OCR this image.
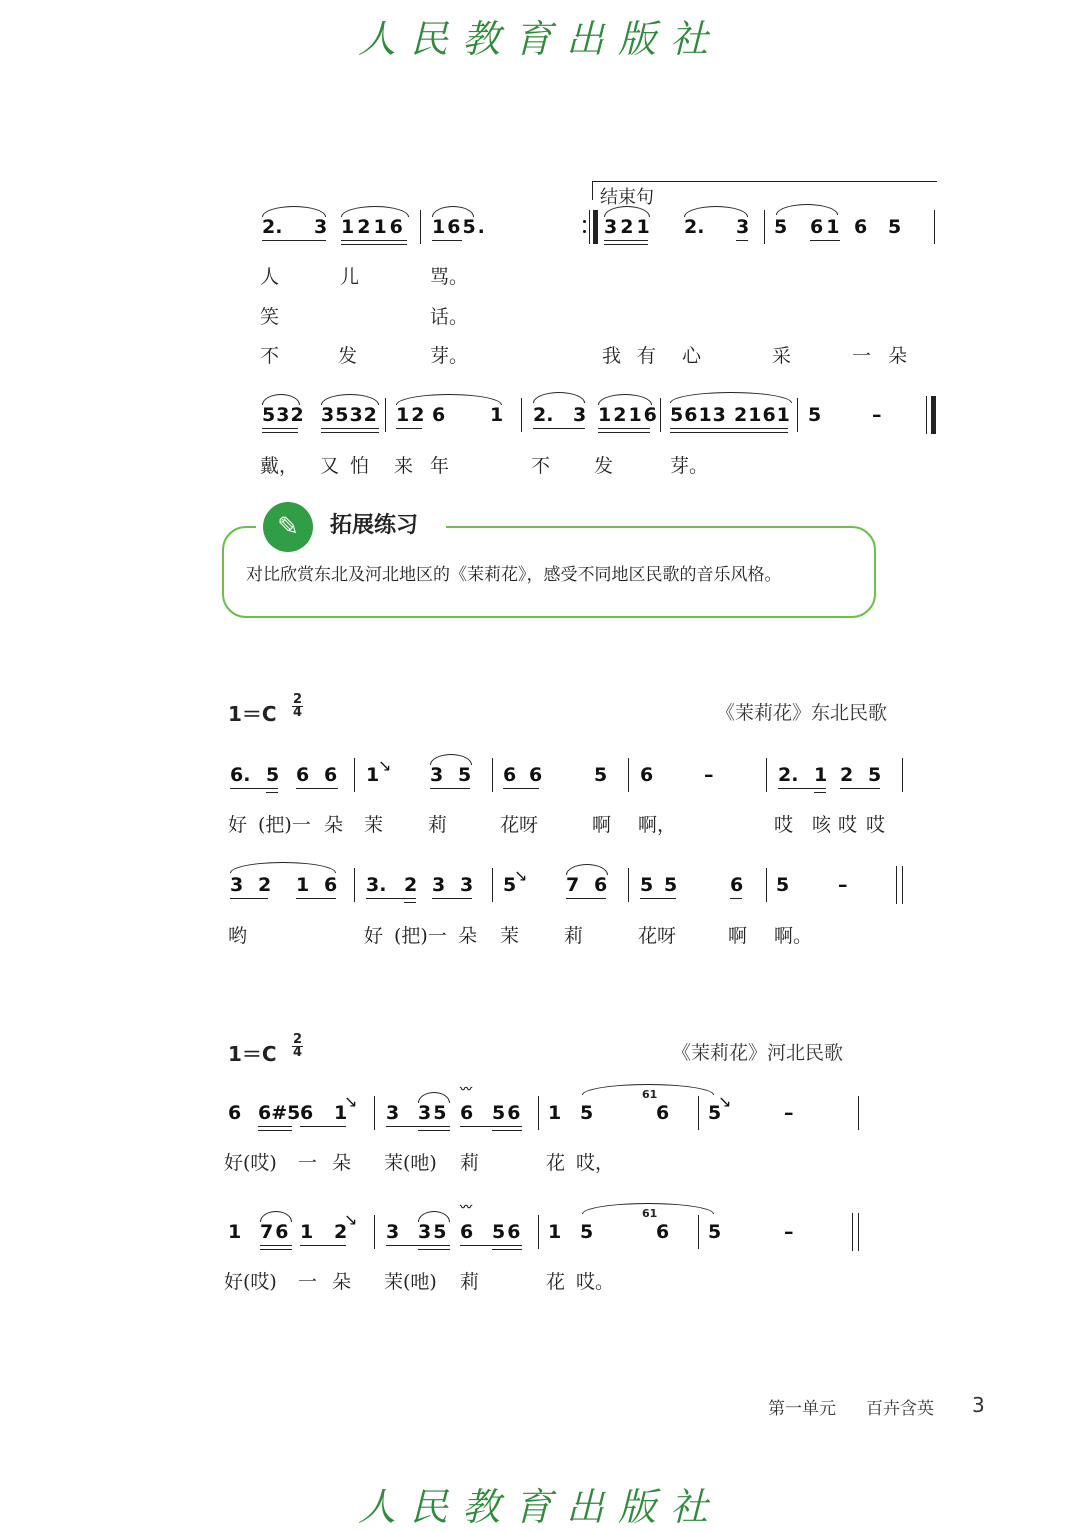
人民教育出版社
结束句
2. 3 1216 165.	321 2. 3 5 61 6 5
人	儿	骂。
笑	话。
不	发	芽。	我 有 心	采	一 朵
532 3532 12 6 1 2. 3 1216 5613 2161 5	–
戴， 又 怕 来 年	不 发	芽。
✎	拓展练习
对比欣赏东北及河北地区的《茉莉花》，感受不同地区民歌的音乐风格。
1＝C
2
4	《茉莉花》东北民歌
6. 5 6 6 1
↘ 3 5 6 6	5 6	–	2. 1 2 5
好 (把)一 朵 茉 莉	花呀	啊 啊，	哎 咳 哎 哎
3 2 1 6 3. 2 3 3 5
↘ 7 6 5 5	6 5	–
哟	好 (把)一 朵 茉 莉	花呀	啊 啊。
1＝C
2
4	《茉莉花》河北民歌
6 6#5 6 1
↘
3 35 6 56
〰
1 5
61
6 5
↘
–
好(哎) 一 朵 茉(吔) 莉	花 哎，
1 76 1 2
↘
3 35 6 56
〰
1 5
61
6 5	–
好(哎) 一 朵 茉(吔) 莉	花 哎。
第一单元 百卉含英 3
人民教育出版社
